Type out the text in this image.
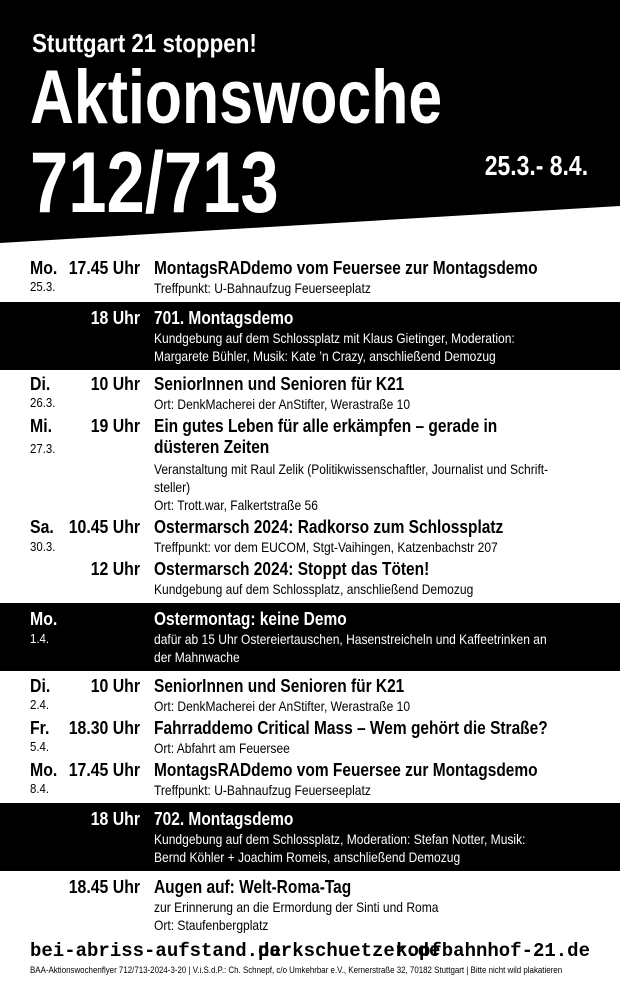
Stuttgart 21 stoppen!
Aktionswoche
712/713	25.3.- 8.4.
Mo. 17.45 Uhr
25.3.
MontagsRADdemo vom Feuersee zur Montagsdemo
Treffpunkt: U-Bahnaufzug Feuerseeplatz
18 Uhr 701. Montagsdemo
Kundgebung auf dem Schlossplatz mit Klaus Gietinger, Moderation:
Margarete Bühler, Musik: Kate ’n Crazy, anschließend Demozug
Di. 10 Uhr
26.3.
SeniorInnen und Senioren für K21
Ort: DenkMacherei der AnStifter, Werastraße 10
Mi. 19 Uhr
27.3.
Ein gutes Leben für alle erkämpfen – gerade in
düsteren Zeiten
Veranstaltung mit Raul Zelik (Politikwissenschaftler, Journalist und Schrift-
steller)
Ort: Trott.war, Falkertstraße 56
Sa. 10.45 Uhr
30.3.
Ostermarsch 2024: Radkorso zum Schlossplatz
Treffpunkt: vor dem EUCOM, Stgt-Vaihingen, Katzenbachstr 207
12 Uhr Ostermarsch 2024: Stoppt das Töten!
Kundgebung auf dem Schlossplatz, anschließend Demozug
Mo.
1.4.
Ostermontag: keine Demo
dafür ab 15 Uhr Ostereiertauschen, Hasenstreicheln und Kaffeetrinken an
der Mahnwache
Di. 10 Uhr
2.4.
SeniorInnen und Senioren für K21
Ort: DenkMacherei der AnStifter, Werastraße 10
Fr. 18.30 Uhr
5.4.
Fahrraddemo Critical Mass – Wem gehört die Straße?
Ort: Abfahrt am Feuersee
Mo. 17.45 Uhr
8.4.
MontagsRADdemo vom Feuersee zur Montagsdemo
Treffpunkt: U-Bahnaufzug Feuerseeplatz
18 Uhr 702. Montagsdemo
Kundgebung auf dem Schlossplatz, Moderation: Stefan Notter, Musik:
Bernd Köhler + Joachim Romeis, anschließend Demozug
18.45 Uhr Augen auf: Welt-Roma-Tag
zur Erinnerung an die Ermordung der Sinti und Roma
Ort: Staufenbergplatz
bei-abriss-aufstand.de
parkschuetzer.de
kopfbahnhof-21.de
BAA-Aktionswochenflyer 712/713-2024-3-20 | V.i.S.d.P.: Ch. Schnepf, c/o Umkehrbar e.V., Kernerstraße 32, 70182 Stuttgart | Bitte nicht wild plakatieren
